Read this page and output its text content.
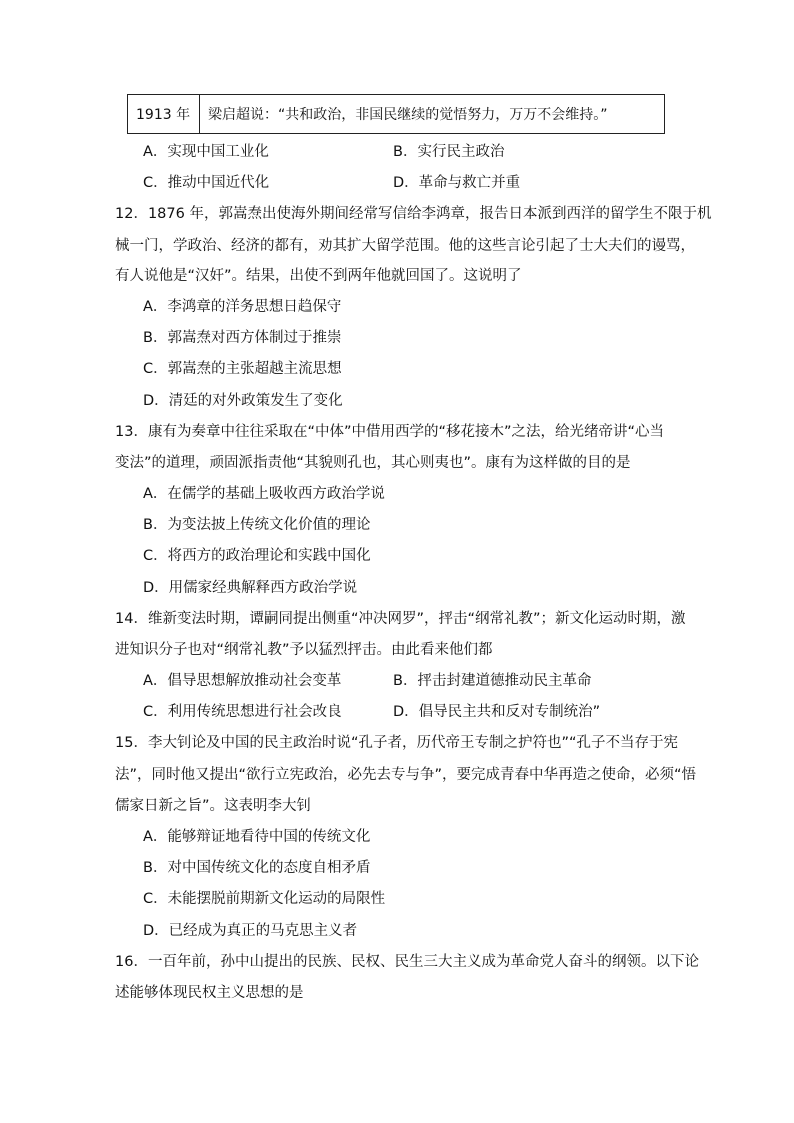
1913 年	梁启超说：“共和政治，非国民继续的觉悟努力，万万不会维持。”
A．实现中国工业化	B．实行民主政治
C．推动中国近代化	D．革命与救亡并重
12．1876 年，郭嵩焘出使海外期间经常写信给李鸿章，报告日本派到西洋的留学生不限于机
械一门，学政治、经济的都有，劝其扩大留学范围。他的这些言论引起了士大夫们的谩骂，
有人说他是“汉奸”。结果，出使不到两年他就回国了。这说明了
A．李鸿章的洋务思想日趋保守
B．郭嵩焘对西方体制过于推崇
C．郭嵩焘的主张超越主流思想
D．清廷的对外政策发生了变化
13．康有为奏章中往往采取在“中体”中借用西学的“移花接木”之法，给光绪帝讲“心当
变法”的道理，顽固派指责他“其貌则孔也，其心则夷也”。康有为这样做的目的是
A．在儒学的基础上吸收西方政治学说
B．为变法披上传统文化价值的理论
C．将西方的政治理论和实践中国化
D．用儒家经典解释西方政治学说
14．维新变法时期，谭嗣同提出侧重“冲决网罗”，抨击“纲常礼教”；新文化运动时期，激
进知识分子也对“纲常礼教”予以猛烈抨击。由此看来他们都
A．倡导思想解放推动社会变革	B．抨击封建道德推动民主革命
C．利用传统思想进行社会改良	D．倡导民主共和反对专制统治”
15．李大钊论及中国的民主政治时说“孔子者，历代帝王专制之护符也”“孔子不当存于宪
法”，同时他又提出“欲行立宪政治，必先去专与争”，要完成青春中华再造之使命，必须“悟
儒家日新之旨”。这表明李大钊
A．能够辩证地看待中国的传统文化
B．对中国传统文化的态度自相矛盾
C．未能摆脱前期新文化运动的局限性
D．已经成为真正的马克思主义者
16．一百年前，孙中山提出的民族、民权、民生三大主义成为革命党人奋斗的纲领。以下论
述能够体现民权主义思想的是
